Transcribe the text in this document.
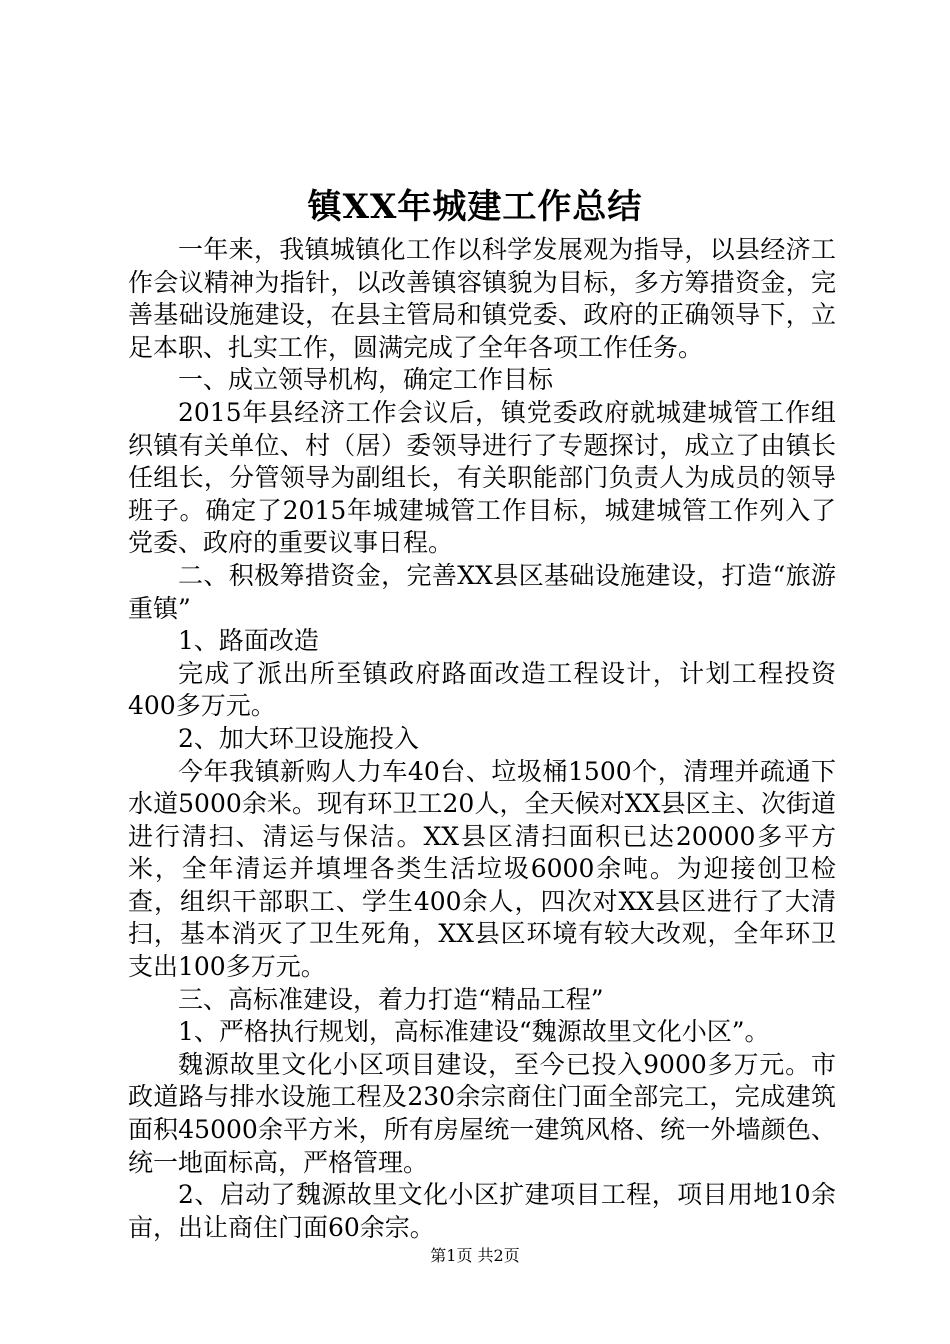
镇XX年城建工作总结

一年来，我镇城镇化工作以科学发展观为指导，以县经济工作会议精神为指针，以改善镇容镇貌为目标，多方筹措资金，完善基础设施建设，在县主管局和镇党委、政府的正确领导下，立足本职、扎实工作，圆满完成了全年各项工作任务。

一、成立领导机构，确定工作目标

2015年县经济工作会议后，镇党委政府就城建城管工作组织镇有关单位、村（居）委领导进行了专题探讨，成立了由镇长任组长，分管领导为副组长，有关职能部门负责人为成员的领导班子。确定了2015年城建城管工作目标，城建城管工作列入了党委、政府的重要议事日程。

二、积极筹措资金，完善XX县区基础设施建设，打造“旅游重镇”

1、路面改造

完成了派出所至镇政府路面改造工程设计，计划工程投资400多万元。

2、加大环卫设施投入

今年我镇新购人力车40台、垃圾桶1500个，清理并疏通下水道5000余米。现有环卫工20人，全天候对XX县区主、次街道进行清扫、清运与保洁。XX县区清扫面积已达20000多平方米，全年清运并填埋各类生活垃圾6000余吨。为迎接创卫检查，组织干部职工、学生400余人，四次对XX县区进行了大清扫，基本消灭了卫生死角，XX县区环境有较大改观，全年环卫支出100多万元。

三、高标准建设，着力打造“精品工程”

1、严格执行规划，高标准建设“魏源故里文化小区”。

魏源故里文化小区项目建设，至今已投入9000多万元。市政道路与排水设施工程及230余宗商住门面全部完工，完成建筑面积45000余平方米，所有房屋统一建筑风格、统一外墙颜色、统一地面标高，严格管理。

2、启动了魏源故里文化小区扩建项目工程，项目用地10余亩，出让商住门面60余宗。

第1页 共2页
